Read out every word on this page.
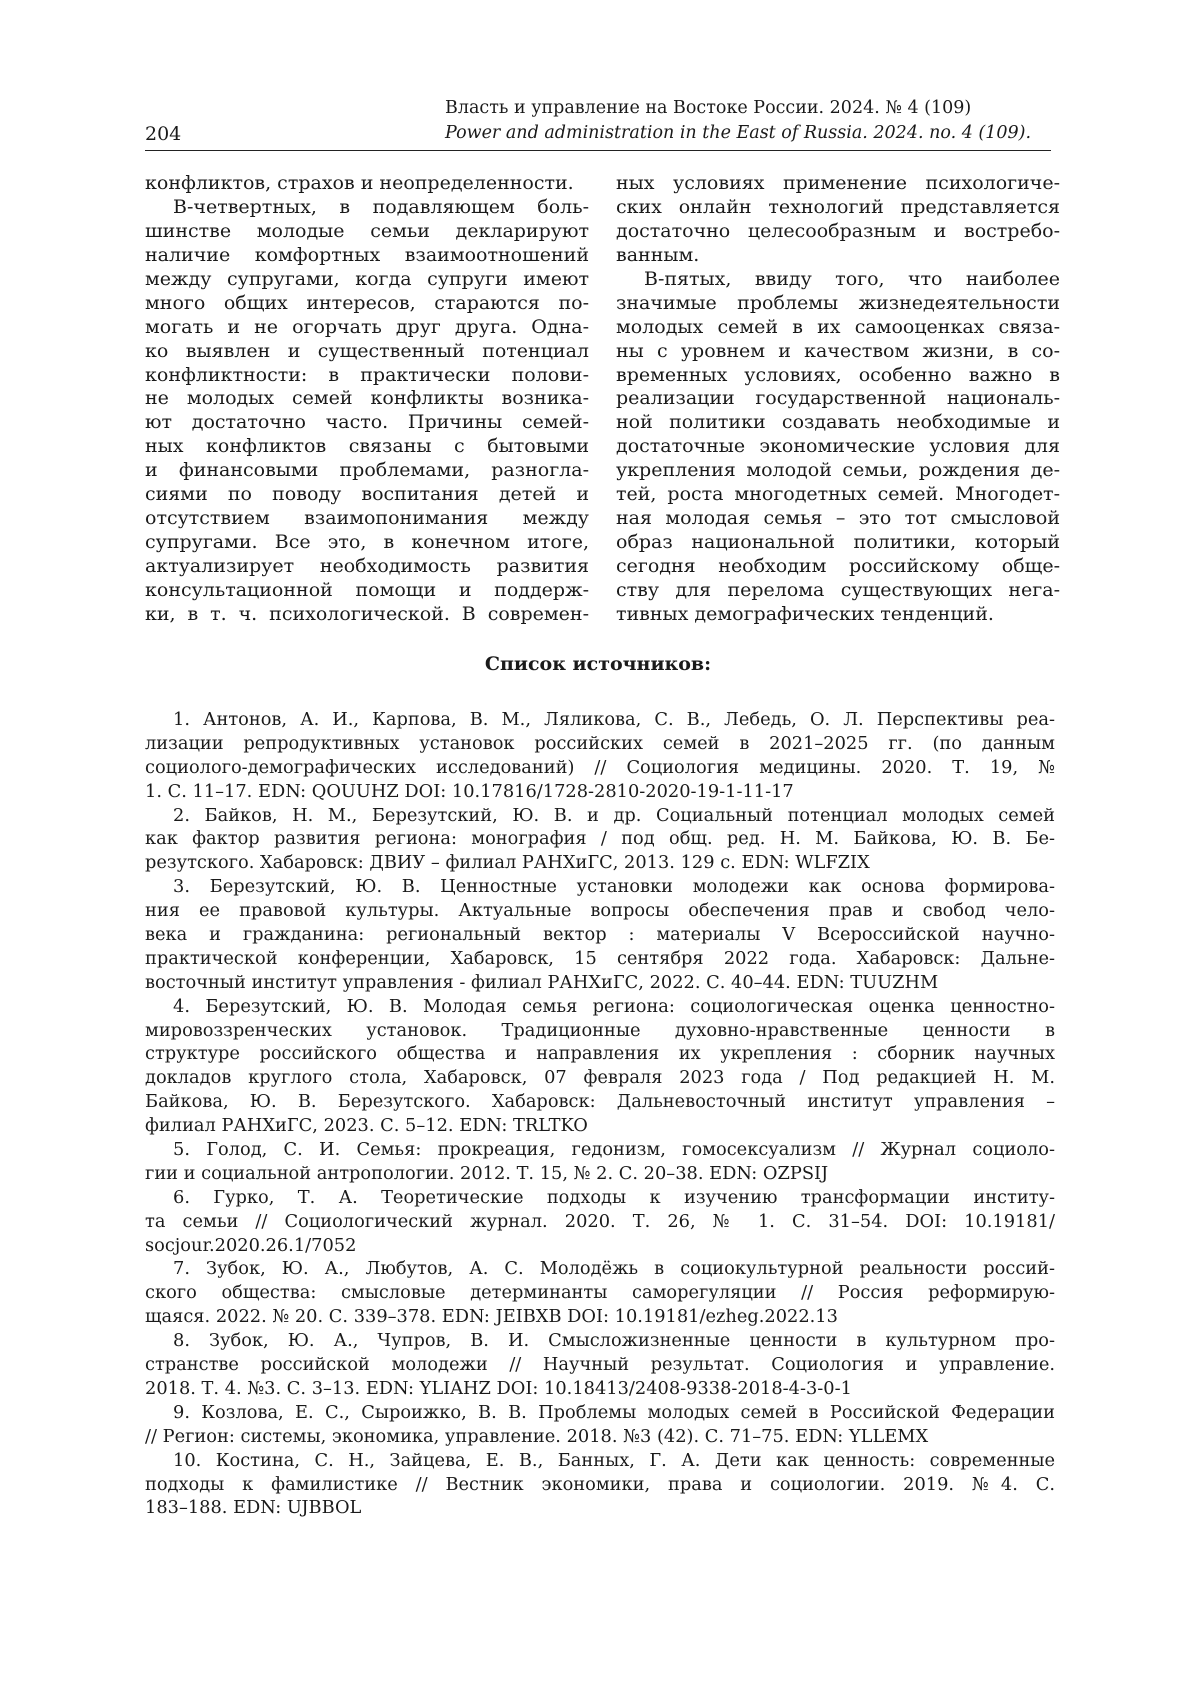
204
Власть и управление на Востоке России. 2024. № 4 (109)
Power and administration in the East of Russia. 2024. no. 4 (109).
конфликтов, страхов и неопределенности.
В-четвертных, в подавляющем боль-
шинстве молодые семьи декларируют
наличие комфортных взаимоотношений
между супругами, когда супруги имеют
много общих интересов, стараются по-
могать и не огорчать друг друга. Одна-
ко выявлен и существенный потенциал
конфликтности: в практически полови-
не молодых семей конфликты возника-
ют достаточно часто. Причины семей-
ных конфликтов связаны с бытовыми
и финансовыми проблемами, разногла-
сиями по поводу воспитания детей и
отсутствием взаимопонимания между
супругами. Все это, в конечном итоге,
актуализирует необходимость развития
консультационной помощи и поддерж-
ки, в т. ч. психологической. В современ-
ных условиях применение психологиче-
ских онлайн технологий представляется
достаточно целесообразным и востребо-
ванным.
В-пятых, ввиду того, что наиболее
значимые проблемы жизнедеятельности
молодых семей в их самооценках связа-
ны с уровнем и качеством жизни, в со-
временных условиях, особенно важно в
реализации государственной националь-
ной политики создавать необходимые и
достаточные экономические условия для
укрепления молодой семьи, рождения де-
тей, роста многодетных семей. Многодет-
ная молодая семья – это тот смысловой
образ национальной политики, который
сегодня необходим российскому обще-
ству для перелома существующих нега-
тивных демографических тенденций.
Список источников:
1. Антонов, А. И., Карпова, В. М., Ляликова, С. В., Лебедь, О. Л. Перспективы реа-
лизации репродуктивных установок российских семей в 2021–2025 гг. (по данным
социолого-демографических исследований) // Социология медицины. 2020. Т. 19, №
1. С. 11–17. EDN: QOUUHZ DOI: 10.17816/1728-2810-2020-19-1-11-17
2. Байков, Н. М., Березутский, Ю. В. и др. Социальный потенциал молодых семей
как фактор развития региона: монография / под общ. ред. Н. М. Байкова, Ю. В. Бе-
резутского. Хабаровск: ДВИУ – филиал РАНХиГС, 2013. 129 с. EDN: WLFZIX
3. Березутский, Ю. В. Ценностные установки молодежи как основа формирова-
ния ее правовой культуры. Актуальные вопросы обеспечения прав и свобод чело-
века и гражданина: региональный вектор : материалы V Всероссийской научно-
практической конференции, Хабаровск, 15 сентября 2022 года. Хабаровск: Дальне-
восточный институт управления - филиал РАНХиГС, 2022. С. 40–44. EDN: TUUZHM
4. Березутский, Ю. В. Молодая семья региона: социологическая оценка ценностно-
мировоззренческих установок. Традиционные духовно-нравственные ценности в
структуре российского общества и направления их укрепления : сборник научных
докладов круглого стола, Хабаровск, 07 февраля 2023 года / Под редакцией Н. М.
Байкова, Ю. В. Березутского. Хабаровск: Дальневосточный институт управления –
филиал РАНХиГС, 2023. С. 5–12. EDN: TRLTKO
5. Голод, С. И. Семья: прокреация, гедонизм, гомосексуализм // Журнал социоло-
гии и социальной антропологии. 2012. Т. 15, № 2. С. 20–38. EDN: OZPSIJ
6. Гурко, Т. А. Теоретические подходы к изучению трансформации институ-
та семьи // Социологический журнал. 2020. Т. 26, № 1. С. 31–54. DOI: 10.19181/
socjour.2020.26.1/7052
7. Зубок, Ю. А., Любутов, А. С. Молодёжь в социокультурной реальности россий-
ского общества: смысловые детерминанты саморегуляции // Россия реформирую-
щаяся. 2022. № 20. С. 339–378. EDN: JEIBXB DOI: 10.19181/ezheg.2022.13
8. Зубок, Ю. А., Чупров, В. И. Смысложизненные ценности в культурном про-
странстве российской молодежи // Научный результат. Социология и управление.
2018. Т. 4. №3. С. 3–13. EDN: YLIAHZ DOI: 10.18413/2408-9338-2018-4-3-0-1
9. Козлова, Е. С., Сыроижко, В. В. Проблемы молодых семей в Российской Федерации
// Регион: системы, экономика, управление. 2018. №3 (42). С. 71–75. EDN: YLLEMX
10. Костина, С. Н., Зайцева, Е. В., Банных, Г. А. Дети как ценность: современные
подходы к фамилистике // Вестник экономики, права и социологии. 2019. №4. С.
183–188. EDN: UJBBOL
